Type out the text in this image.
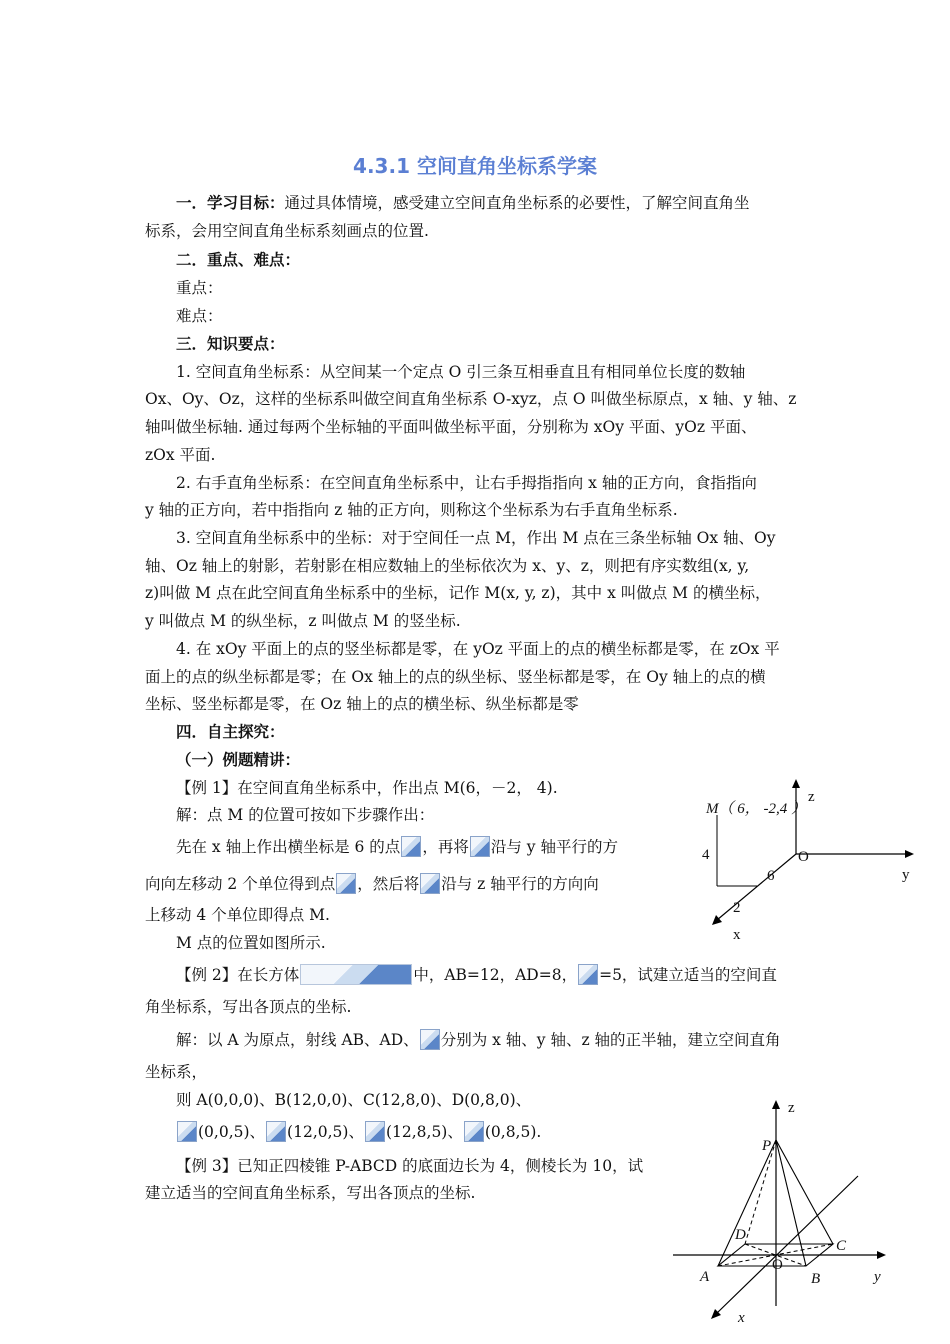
4.3.1 空间直角坐标系学案
一．学习目标：通过具体情境，感受建立空间直角坐标系的必要性，了解空间直角坐
标系，会用空间直角坐标系刻画点的位置.
二．重点、难点：
重点：
难点：
三．知识要点：
1. 空间直角坐标系：从空间某一个定点 O 引三条互相垂直且有相同单位长度的数轴
Ox、Oy、Oz，这样的坐标系叫做空间直角坐标系 O-xyz，点 O 叫做坐标原点，x 轴、y 轴、z
轴叫做坐标轴. 通过每两个坐标轴的平面叫做坐标平面，分别称为 xOy 平面、yOz 平面、
zOx 平面.
2. 右手直角坐标系：在空间直角坐标系中，让右手拇指指向 x 轴的正方向，食指指向
y 轴的正方向，若中指指向 z 轴的正方向，则称这个坐标系为右手直角坐标系.
3. 空间直角坐标系中的坐标：对于空间任一点 M，作出 M 点在三条坐标轴 Ox 轴、Oy
轴、Oz 轴上的射影，若射影在相应数轴上的坐标依次为 x、y、z，则把有序实数组(x, y,
z)叫做 M 点在此空间直角坐标系中的坐标，记作 M(x, y, z)，其中 x 叫做点 M 的横坐标，
y 叫做点 M 的纵坐标，z 叫做点 M 的竖坐标.
4. 在 xOy 平面上的点的竖坐标都是零，在 yOz 平面上的点的横坐标都是零，在 zOx 平
面上的点的纵坐标都是零；在 Ox 轴上的点的纵坐标、竖坐标都是零，在 Oy 轴上的点的横
坐标、竖坐标都是零，在 Oz 轴上的点的横坐标、纵坐标都是零
四．自主探究：
（一）例题精讲：
【例 1】在空间直角坐标系中，作出点 M(6，－2， 4).
解：点 M 的位置可按如下步骤作出：
先在 x 轴上作出横坐标是 6 的点 ，再将 沿与 y 轴平行的方
向向左移动 2 个单位得到点 ，然后将 沿与 z 轴平行的方向向
上移动 4 个单位即得点 M.
M 点的位置如图所示.
【例 2】在长方体	中，AB=12，AD=8， =5，试建立适当的空间直
角坐标系，写出各顶点的坐标.
解：以 A 为原点，射线 AB、AD、 分别为 x 轴、y 轴、z 轴的正半轴，建立空间直角
坐标系，
则 A(0,0,0)、B(12,0,0)、C(12,8,0)、D(0,8,0)、
(0,0,5)、 (12,0,5)、 (12,8,5)、 (0,8,5).
【例 3】已知正四棱锥 P-ABCD 的底面边长为 4，侧棱长为 10，试
建立适当的空间直角坐标系，写出各顶点的坐标.
z
M（ 6， -2,4 ）
O
y
4
6
2
x
z
P
D
C
A
O
B	y
x
